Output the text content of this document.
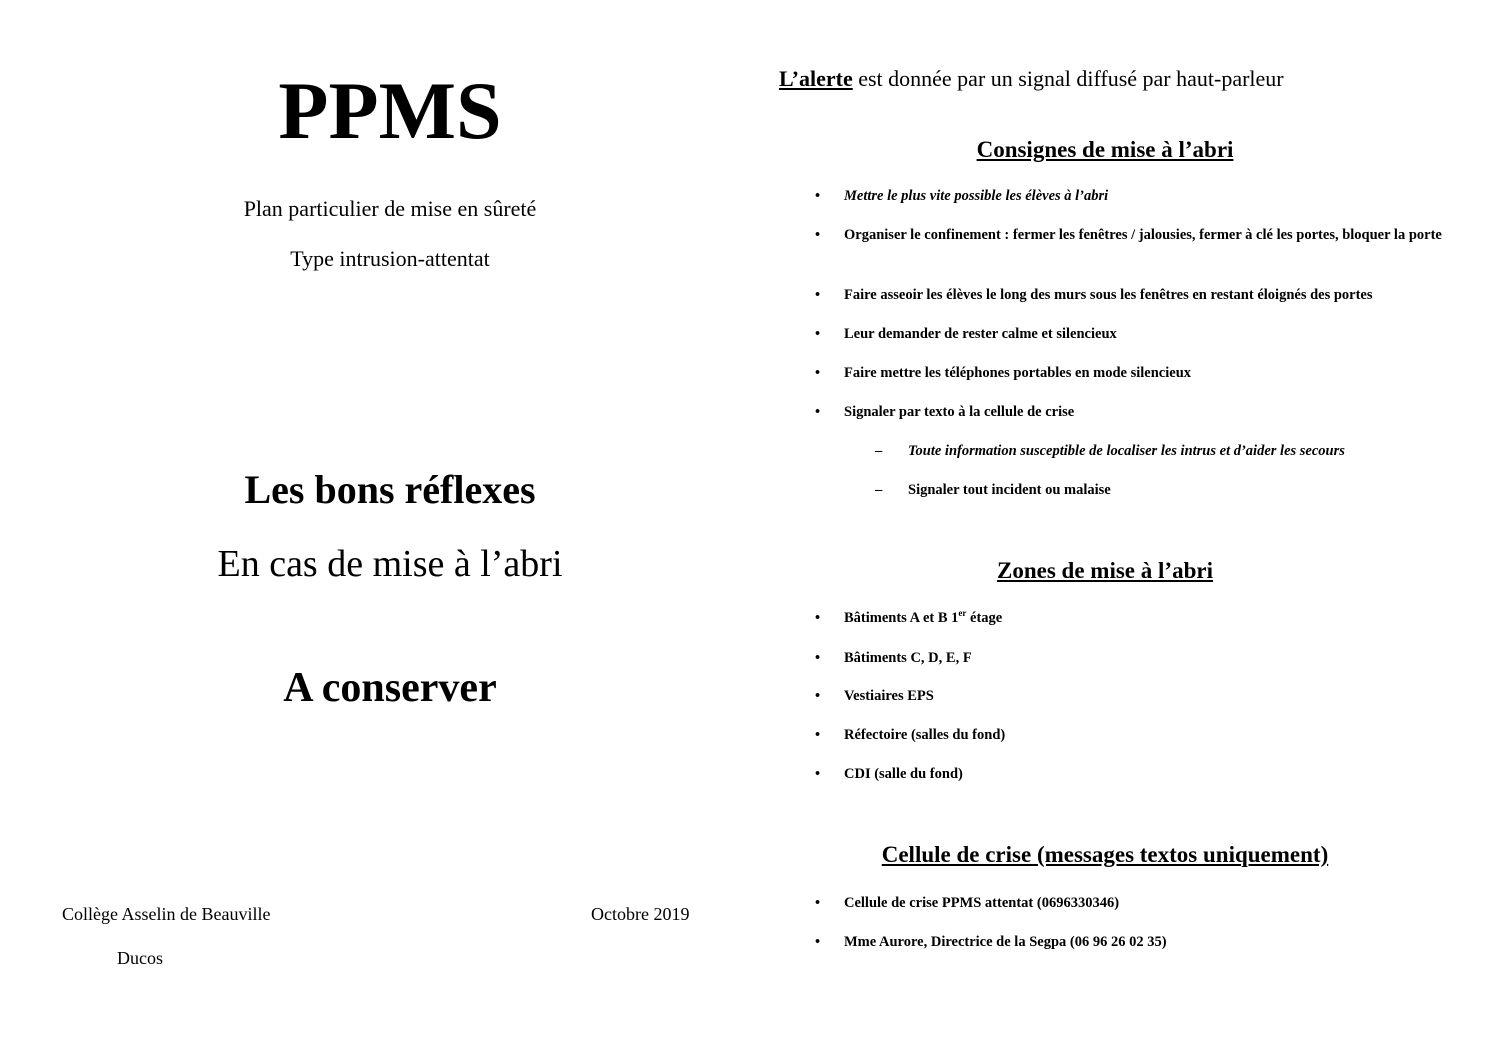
PPMS
Plan particulier de mise en sûreté
Type intrusion-attentat
Les bons réflexes
En cas de mise à l’abri
A conserver
Collège Asselin de Beauville	Octobre 2019
Ducos
L’alerte est donnée par un signal diffusé par haut-parleur
Consignes de mise à l’abri
• Mettre le plus vite possible les élèves à l’abri
• Organiser le confinement : fermer les fenêtres / jalousies, fermer à clé les portes, bloquer la porte
• Faire asseoir les élèves le long des murs sous les fenêtres en restant éloignés des portes
• Leur demander de rester calme et silencieux
• Faire mettre les téléphones portables en mode silencieux
• Signaler par texto à la cellule de crise
– Toute information susceptible de localiser les intrus et d’aider les secours
– Signaler tout incident ou malaise
Zones de mise à l’abri
• Bâtiments A et B 1er étage
• Bâtiments C, D, E, F
• Vestiaires EPS
• Réfectoire (salles du fond)
• CDI (salle du fond)
Cellule de crise (messages textos uniquement)
• Cellule de crise PPMS attentat (0696330346)
• Mme Aurore, Directrice de la Segpa (06 96 26 02 35)
